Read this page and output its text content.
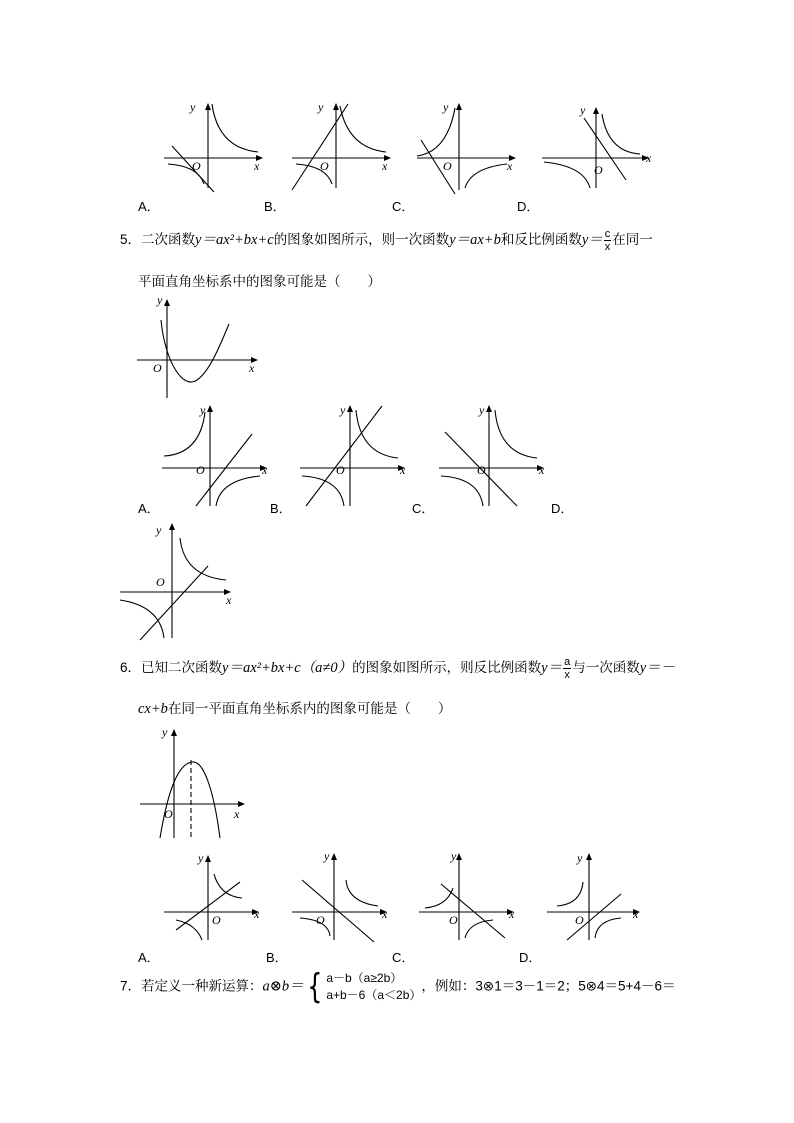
y
x
O
y
x
O
y
x
O
y
x
O
A．	B．	C．	D．
5．二次函数y＝ax²+bx+c的图象如图所示，则一次函数y＝ax+b和反比例函数$y= \frac{c}{x}$ 在同一
平面直角坐标系中的图象可能是（　　）
y
x
O
y
x
O
y
x
O
y
x
O
A．	B．	C．	D．
y
x
O
6．已知二次函数y＝ax²+bx+c（a≠0）的图象如图所示，则反比例函数$y= \frac{a}{x}$ 与一次函数y＝－
cx+b在同一平面直角坐标系内的图象可能是（　　）
y
x
O
y
x
O
y
x
O
y
x
O
y
x
O
A．	B．	C．	D．
7．若定义一种新运算：a⊗b＝ { a－b（a≥2b）
a+b－6（a＜2b）
，例如：3⊗1＝3－1＝2；5⊗4＝5+4－6＝
